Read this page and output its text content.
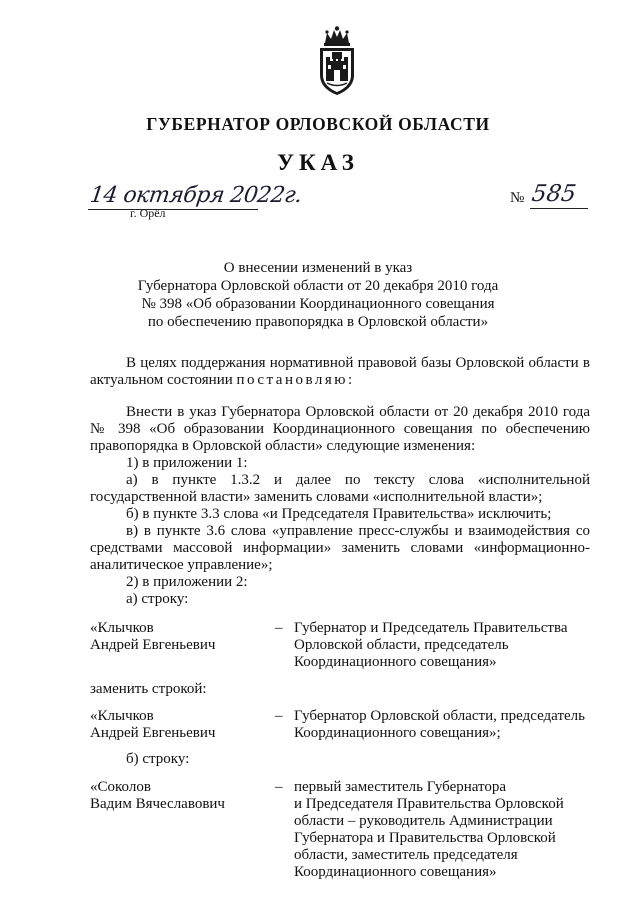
ГУБЕРНАТОР ОРЛОВСКОЙ ОБЛАСТИ
УКАЗ
14 октября 2022г.
г. Орёл
№ 585
О внесении изменений в указ
Губернатора Орловской области от 20 декабря 2010 года
№ 398 «Об образовании Координационного совещания
по обеспечению правопорядка в Орловской области»
В целях поддержания нормативной правовой базы Орловской области в актуальном состоянии постановляю:
Внести в указ Губернатора Орловской области от 20 декабря 2010 года № 398 «Об образовании Координационного совещания по обеспечению правопорядка в Орловской области» следующие изменения:
1) в приложении 1:
а) в пункте 1.3.2 и далее по тексту слова «исполнительной государственной власти» заменить словами «исполнительной власти»;
б) в пункте 3.3 слова «и Председателя Правительства» исключить;
в) в пункте 3.6 слова «управление пресс-службы и взаимодействия со средствами массовой информации» заменить словами «информационно-аналитическое управление»;
2) в приложении 2:
а) строку:
«Клычков
Андрей Евгеньевич
– Губернатор и Председатель Правительства
Орловской области, председатель
Координационного совещания»
заменить строкой:
«Клычков
Андрей Евгеньевич
– Губернатор Орловской области, председатель
Координационного совещания»;
б) строку:
«Соколов
Вадим Вячеславович
– первый заместитель Губернатора
и Председателя Правительства Орловской
области – руководитель Администрации
Губернатора и Правительства Орловской
области, заместитель председателя
Координационного совещания»
